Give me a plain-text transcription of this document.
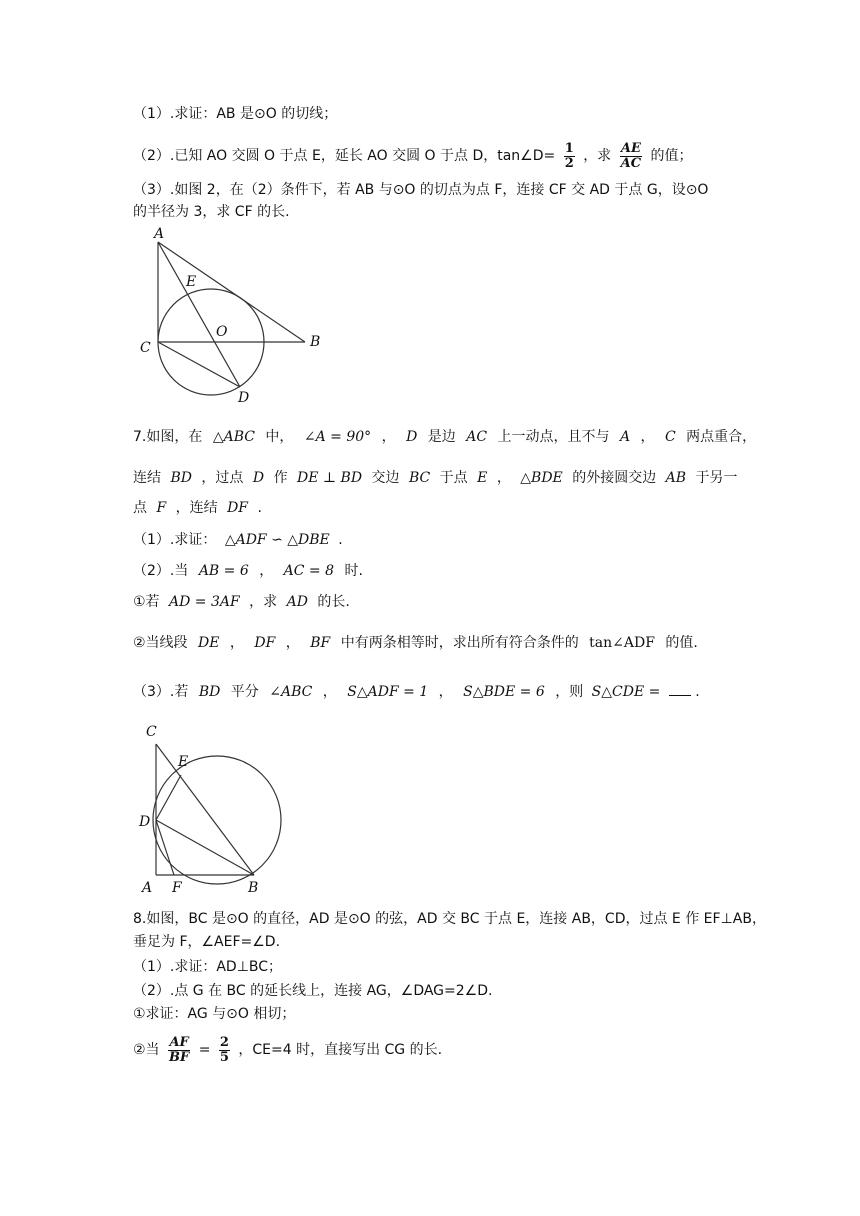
（1）.求证：AB 是⊙O 的切线；
（2）.已知 AO 交圆 O 于点 E，延长 AO 交圆 O 于点 D，tan∠D= $\frac{1}{2}$ ，求 $\frac{AE}{AC}$ 的值；
（3）.如图 2，在（2）条件下，若 AB 与⊙O 的切点为点 F，连接 CF 交 AD 于点 G，设⊙O
的半径为 3，求 CF 的长.
A
E
O
C	B
D
7.如图，在 △ABC 中， ∠A = 90° ， D 是边 AC 上一动点，且不与 A ， C 两点重合，
连结 BD ，过点 D 作 DE ⊥ BD 交边 BC 于点 E ， △BDE 的外接圆交边 AB 于另一
点 F ，连结 DF .
（1）.求证： △ADF ∽ △DBE .
（2）.当 AB = 6 ， AC = 8 时.
①若 AD = 3AF ，求 AD 的长.
②当线段 DE ， DF ， BF 中有两条相等时，求出所有符合条件的 tan∠ADF 的值.
（3）.若 BD 平分 ∠ABC ， S△ADF = 1 ， S△BDE = 6 ，则 S△CDE = .
C
E
D
A F	B
8.如图，BC 是⊙O 的直径，AD 是⊙O 的弦，AD 交 BC 于点 E，连接 AB，CD，过点 E 作 EF⊥AB，
垂足为 F，∠AEF=∠D.
（1）.求证：AD⊥BC；
（2）.点 G 在 BC 的延长线上，连接 AG，∠DAG=2∠D.
①求证：AG 与⊙O 相切；
②当 $\frac{AF}{BF} = \frac{2}{5}$ ，CE=4 时，直接写出 CG 的长.
